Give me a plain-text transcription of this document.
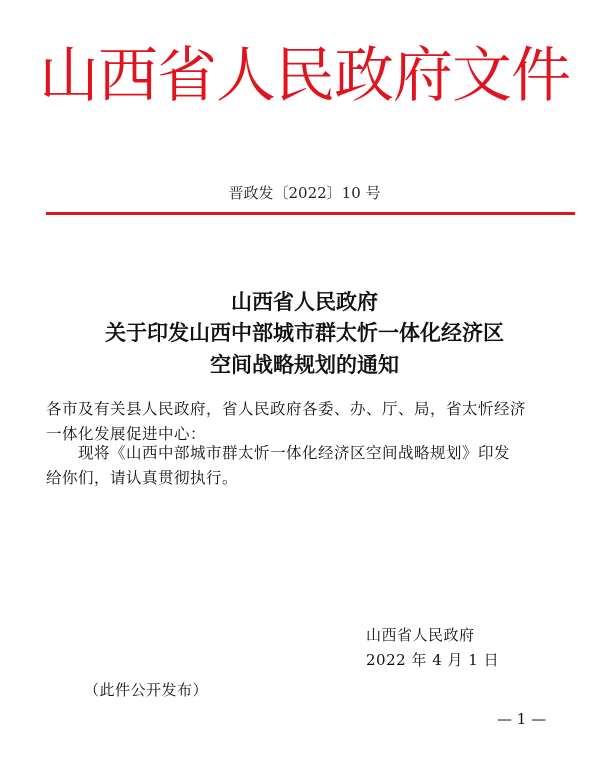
山西省人民政府文件
晋政发〔2022〕10 号
山西省人民政府
关于印发山西中部城市群太忻一体化经济区
空间战略规划的通知
各市及有关县人民政府，省人民政府各委、办、厅、局，省太忻经济
一体化发展促进中心：
现将《山西中部城市群太忻一体化经济区空间战略规划》印发
给你们，请认真贯彻执行。
山西省人民政府
2022 年 4 月 1 日
（此件公开发布）
— 1 —
